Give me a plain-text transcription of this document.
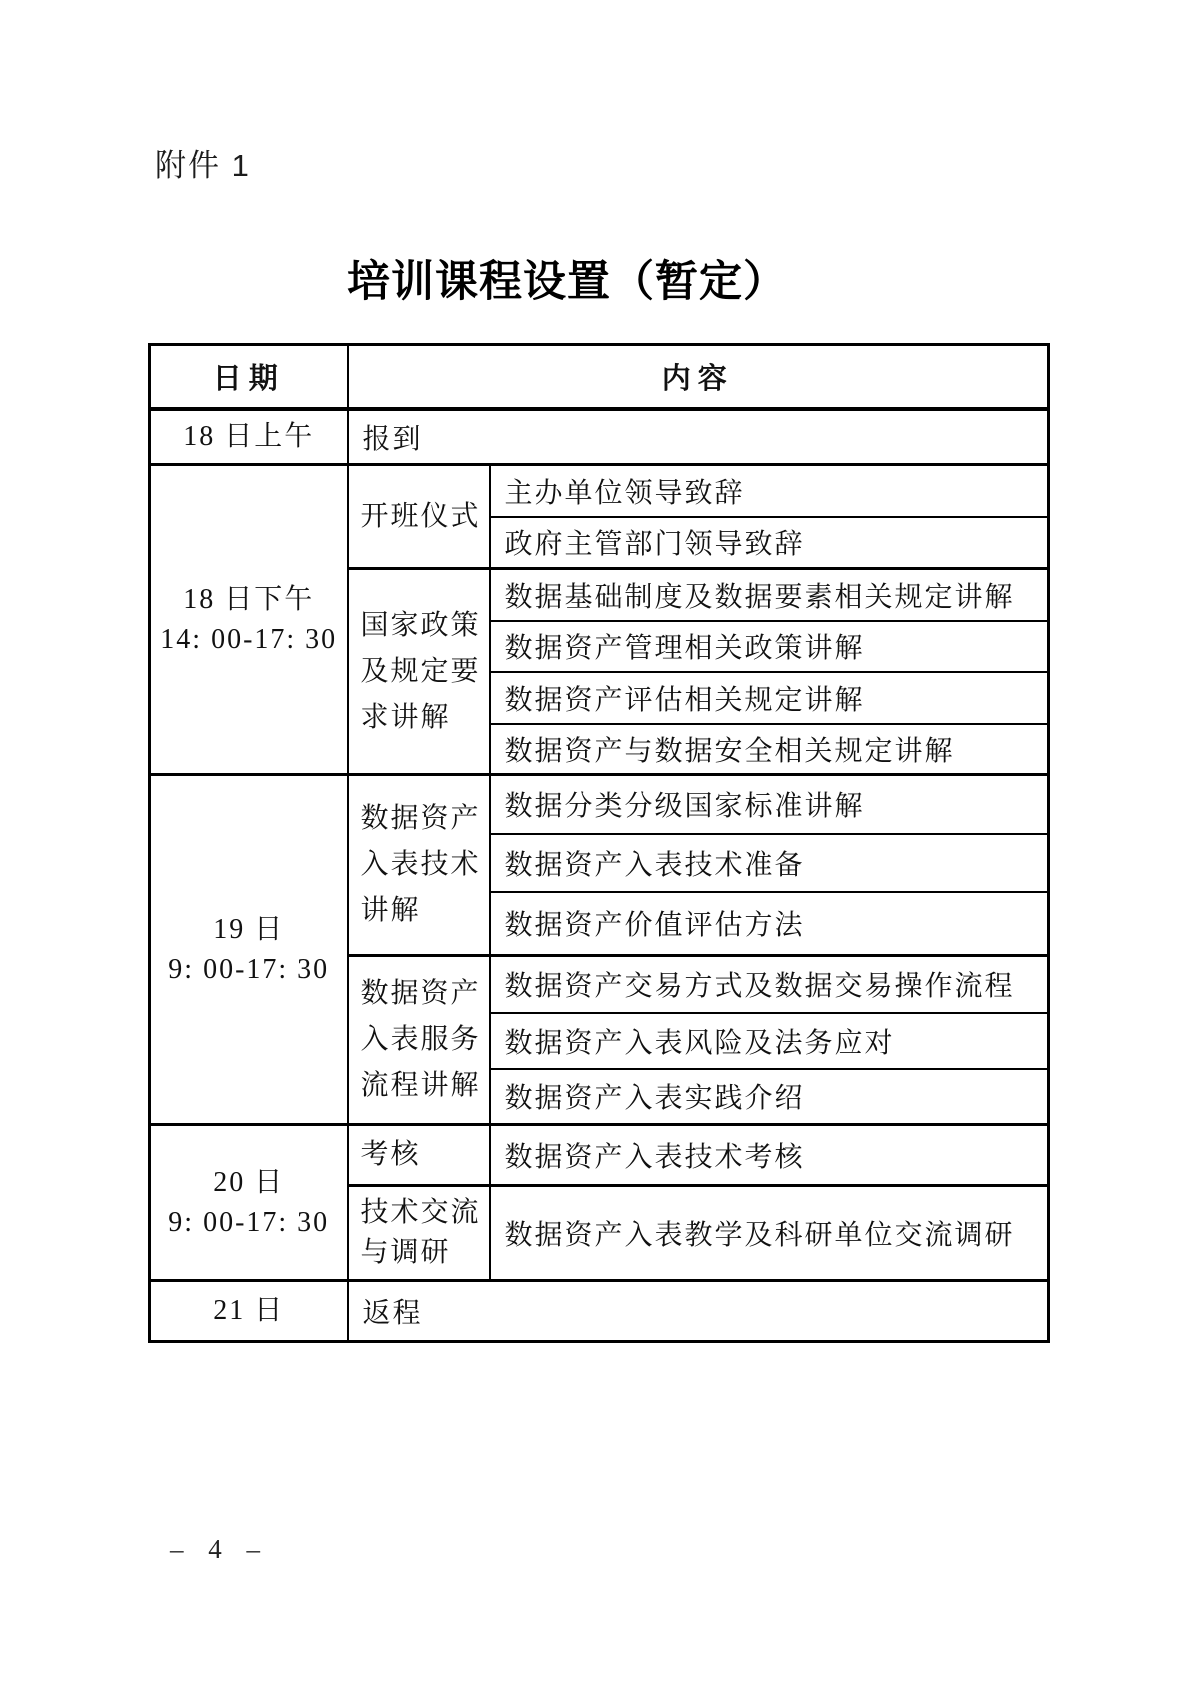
附件 1
培训课程设置（暂定）
日期	内容	
18 日上午	报到	

18 日下午
14: 00-17: 30	开班仪式	主办单位领导致辞
		政府主管部门领导致辞
	国家政策及规定要求讲解	数据基础制度及数据要素相关规定讲解
		数据资产管理相关政策讲解
		数据资产评估相关规定讲解
		数据资产与数据安全相关规定讲解

19 日
9: 00-17: 30	数据资产入表技术讲解	数据分类分级国家标准讲解
		数据资产入表技术准备
		数据资产价值评估方法
	数据资产入表服务流程讲解	数据资产交易方式及数据交易操作流程
		数据资产入表风险及法务应对
		数据资产入表实践介绍

20 日
9: 00-17: 30	考核	数据资产入表技术考核
	技术交流与调研	数据资产入表教学及科研单位交流调研
21 日	返程	
– 4 –
